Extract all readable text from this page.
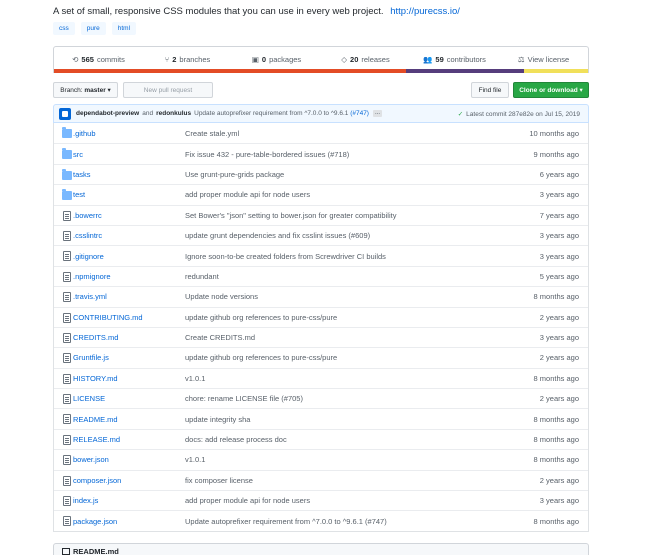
A set of small, responsive CSS modules that you can use in every web project. http://purecss.io/
css	pure	html
⟲ 565 commits	⑂ 2 branches	▣ 0 packages	◇ 20 releases	👥 59 contributors	⚖ View license
Branch:
master
▾	New pull request	Find file	Clone or download
▾
dependabot-preview and redonkulus Update autoprefixer requirement from ^7.0.0 to ^9.6.1 (#747)	...	✓ Latest commit 287e82e on Jul 15, 2019
.github	Create stale.yml	10 months ago
src	Fix issue 432 - pure-table-bordered issues (#718)	9 months ago
tasks	Use grunt-pure-grids package	6 years ago
test	add proper module api for node users	3 years ago
.bowerrc	Set Bower's "json" setting to bower.json for greater compatibility	7 years ago
.csslintrc	update grunt dependencies and fix csslint issues (#609)	3 years ago
.gitignore	Ignore soon-to-be created folders from Screwdriver CI builds	3 years ago
.npmignore	redundant	5 years ago
.travis.yml	Update node versions	8 months ago
CONTRIBUTING.md	update github org references to pure-css/pure	2 years ago
CREDITS.md	Create CREDITS.md	3 years ago
Gruntfile.js	update github org references to pure-css/pure	2 years ago
HISTORY.md	v1.0.1	8 months ago
LICENSE	chore: rename LICENSE file (#705)	2 years ago
README.md	update integrity sha	8 months ago
RELEASE.md	docs: add release process doc	8 months ago
bower.json	v1.0.1	8 months ago
composer.json	fix composer license	2 years ago
index.js	add proper module api for node users	3 years ago
package.json	Update autoprefixer requirement from ^7.0.0 to ^9.6.1 (#747)	8 months ago
README.md
